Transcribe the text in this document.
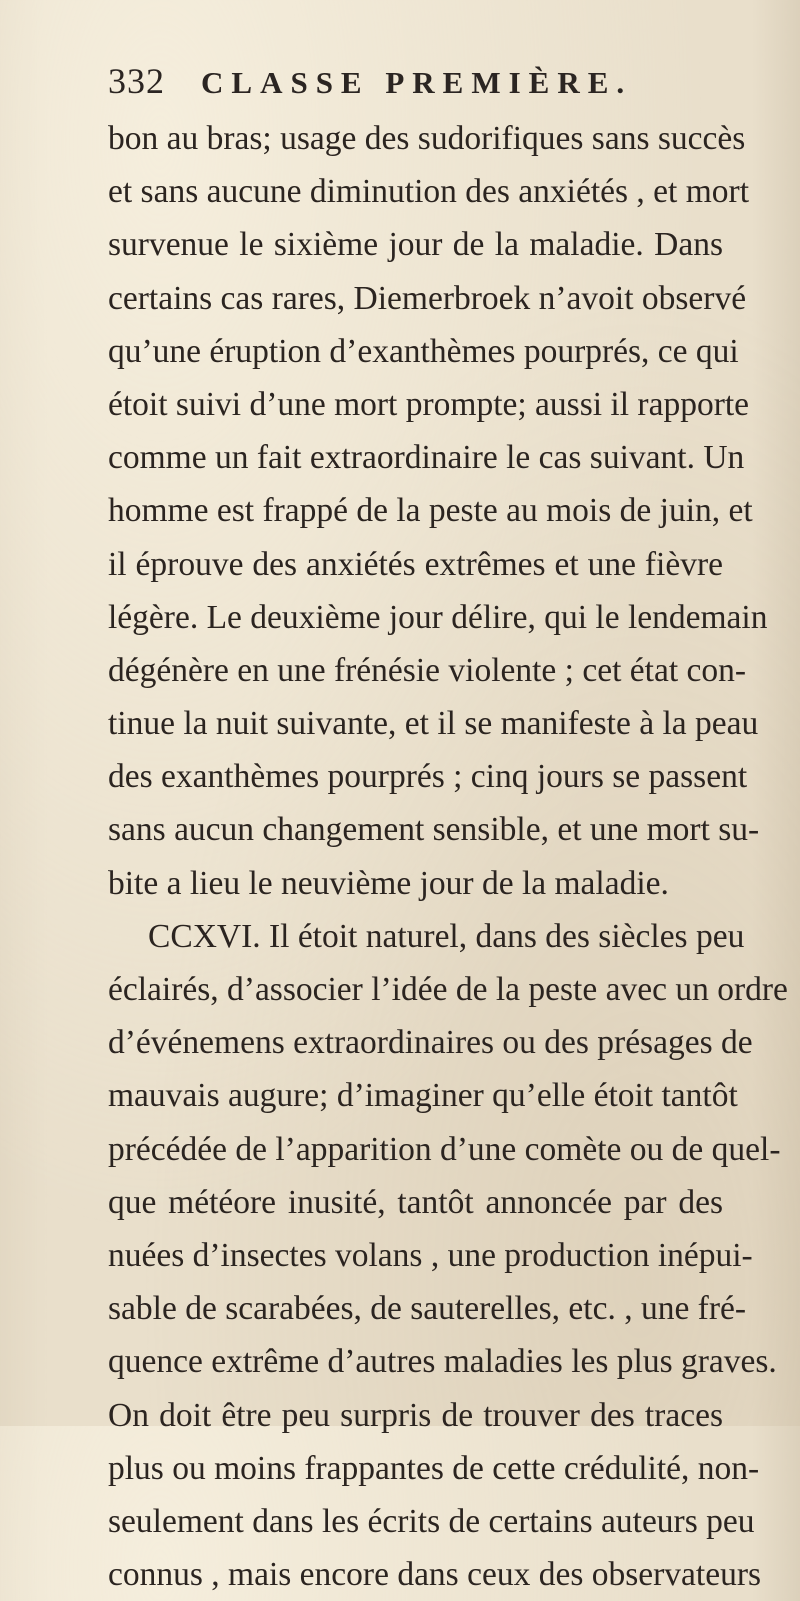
332 CLASSE PREMIÈRE.
bon au bras; usage des sudorifiques sans succès
et sans aucune diminution des anxiétés , et mort
survenue le sixième jour de la maladie. Dans
certains cas rares, Diemerbroek n’avoit observé
qu’une éruption d’exanthèmes pourprés, ce qui
étoit suivi d’une mort prompte; aussi il rapporte
comme un fait extraordinaire le cas suivant. Un
homme est frappé de la peste au mois de juin, et
il éprouve des anxiétés extrêmes et une fièvre
légère. Le deuxième jour délire, qui le lendemain
dégénère en une frénésie violente ; cet état con-
tinue la nuit suivante, et il se manifeste à la peau
des exanthèmes pourprés ; cinq jours se passent
sans aucun changement sensible, et une mort su-
bite a lieu le neuvième jour de la maladie.
CCXVI. Il étoit naturel, dans des siècles peu
éclairés, d’associer l’idée de la peste avec un ordre
d’événemens extraordinaires ou des présages de
mauvais augure; d’imaginer qu’elle étoit tantôt
précédée de l’apparition d’une comète ou de quel-
que météore inusité, tantôt annoncée par des
nuées d’insectes volans , une production inépui-
sable de scarabées, de sauterelles, etc. , une fré-
quence extrême d’autres maladies les plus graves.
On doit être peu surpris de trouver des traces
plus ou moins frappantes de cette crédulité, non-
seulement dans les écrits de certains auteurs peu
connus , mais encore dans ceux des observateurs
